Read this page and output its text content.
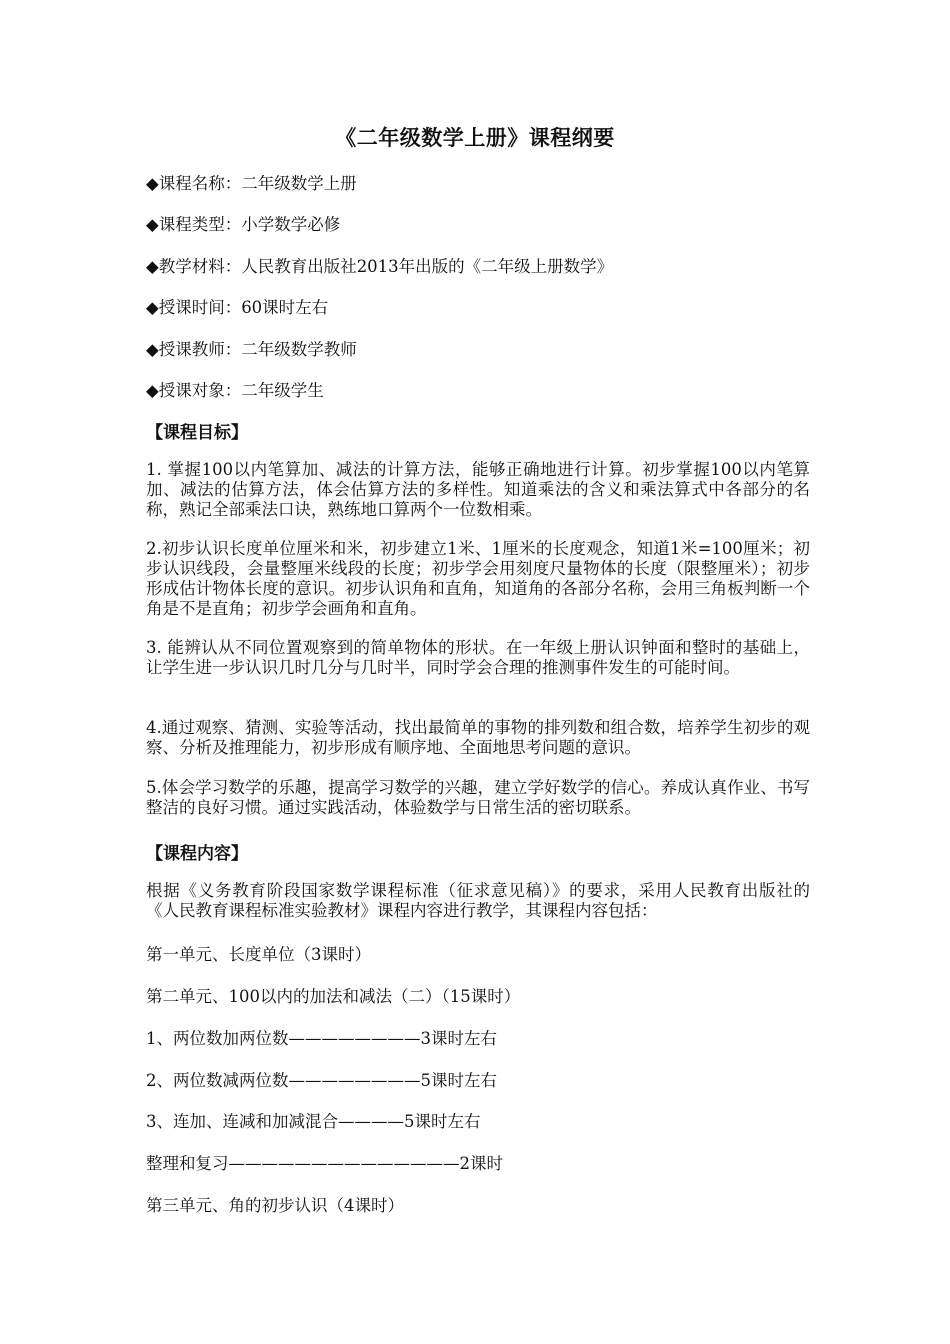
《二年级数学上册》课程纲要
◆课程名称：二年级数学上册
◆课程类型：小学数学必修
◆教学材料：人民教育出版社2013年出版的《二年级上册数学》
◆授课时间：60课时左右
◆授课教师：二年级数学教师
◆授课对象：二年级学生
【课程目标】
1. 掌握100以内笔算加、减法的计算方法，能够正确地进行计算。初步掌握100以内笔算加、减法的估算方法，体会估算方法的多样性。知道乘法的含义和乘法算式中各部分的名称，熟记全部乘法口诀，熟练地口算两个一位数相乘。
2.初步认识长度单位厘米和米，初步建立1米、1厘米的长度观念，知道1米=100厘米；初步认识线段，会量整厘米线段的长度；初步学会用刻度尺量物体的长度（限整厘米）；初步形成估计物体长度的意识。初步认识角和直角，知道角的各部分名称，会用三角板判断一个角是不是直角；初步学会画角和直角。
3. 能辨认从不同位置观察到的简单物体的形状。在一年级上册认识钟面和整时的基础上，让学生进一步认识几时几分与几时半，同时学会合理的推测事件发生的可能时间。
4.通过观察、猜测、实验等活动，找出最简单的事物的排列数和组合数，培养学生初步的观察、分析及推理能力，初步形成有顺序地、全面地思考问题的意识。
5.体会学习数学的乐趣，提高学习数学的兴趣，建立学好数学的信心。养成认真作业、书写整洁的良好习惯。通过实践活动，体验数学与日常生活的密切联系。
【课程内容】
根据《义务教育阶段国家数学课程标准（征求意见稿）》的要求，采用人民教育出版社的《人民教育课程标准实验教材》课程内容进行教学，其课程内容包括：
第一单元、长度单位（3课时）
第二单元、100以内的加法和减法（二）（15课时）
1、两位数加两位数————————3课时左右
2、两位数减两位数————————5课时左右
3、连加、连减和加减混合————5课时左右
整理和复习——————————————2课时
第三单元、角的初步认识（4课时）
